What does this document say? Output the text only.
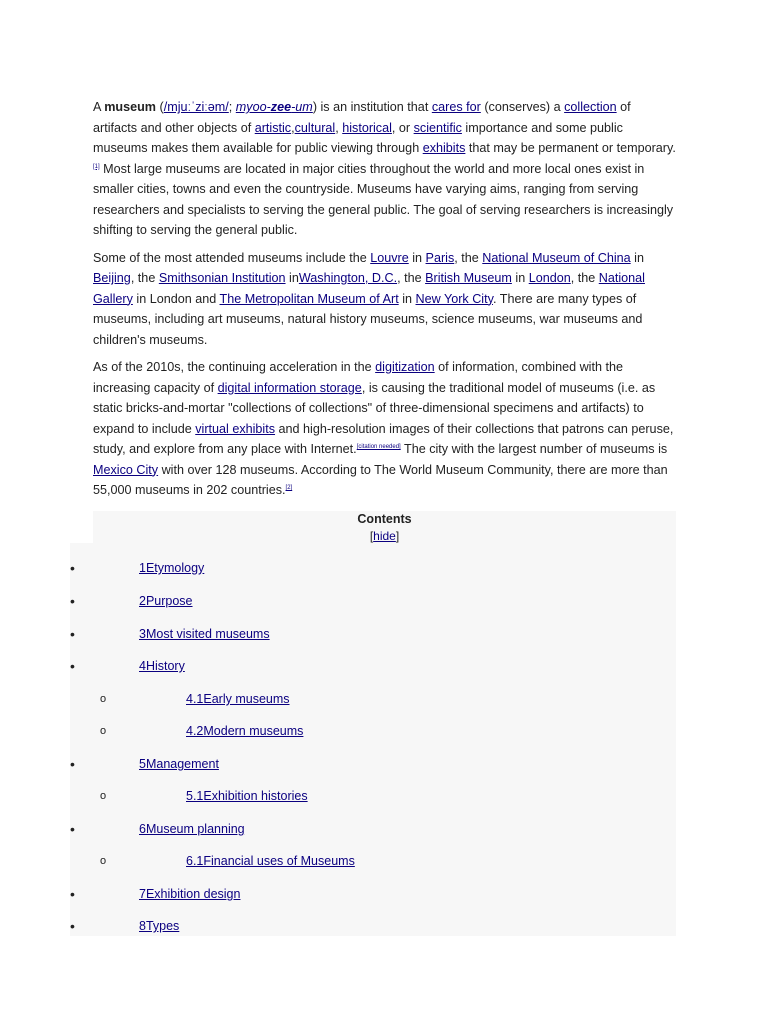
A museum (/mjuːˈziːəm/; myoo-zee-um) is an institution that cares for (conserves) a collection of artifacts and other objects of artistic,cultural, historical, or scientific importance and some public museums makes them available for public viewing through exhibits that may be permanent or temporary.[1] Most large museums are located in major cities throughout the world and more local ones exist in smaller cities, towns and even the countryside. Museums have varying aims, ranging from serving researchers and specialists to serving the general public. The goal of serving researchers is increasingly shifting to serving the general public.

Some of the most attended museums include the Louvre in Paris, the National Museum of China in Beijing, the Smithsonian Institution inWashington, D.C., the British Museum in London, the National Gallery in London and The Metropolitan Museum of Art in New York City. There are many types of museums, including art museums, natural history museums, science museums, war museums and children's museums.

As of the 2010s, the continuing acceleration in the digitization of information, combined with the increasing capacity of digital information storage, is causing the traditional model of museums (i.e. as static bricks-and-mortar "collections of collections" of three-dimensional specimens and artifacts) to expand to include virtual exhibits and high-resolution images of their collections that patrons can peruse, study, and explore from any place with Internet.[citation needed] The city with the largest number of museums is Mexico City with over 128 museums. According to The World Museum Community, there are more than 55,000 museums in 202 countries.[2]

Contents
[hide]
•	1Etymology
•	2Purpose
•	3Most visited museums
•	4History
o	4.1Early museums
o	4.2Modern museums
•	5Management
o	5.1Exhibition histories
•	6Museum planning
o	6.1Financial uses of Museums
•	7Exhibition design
•	8Types
